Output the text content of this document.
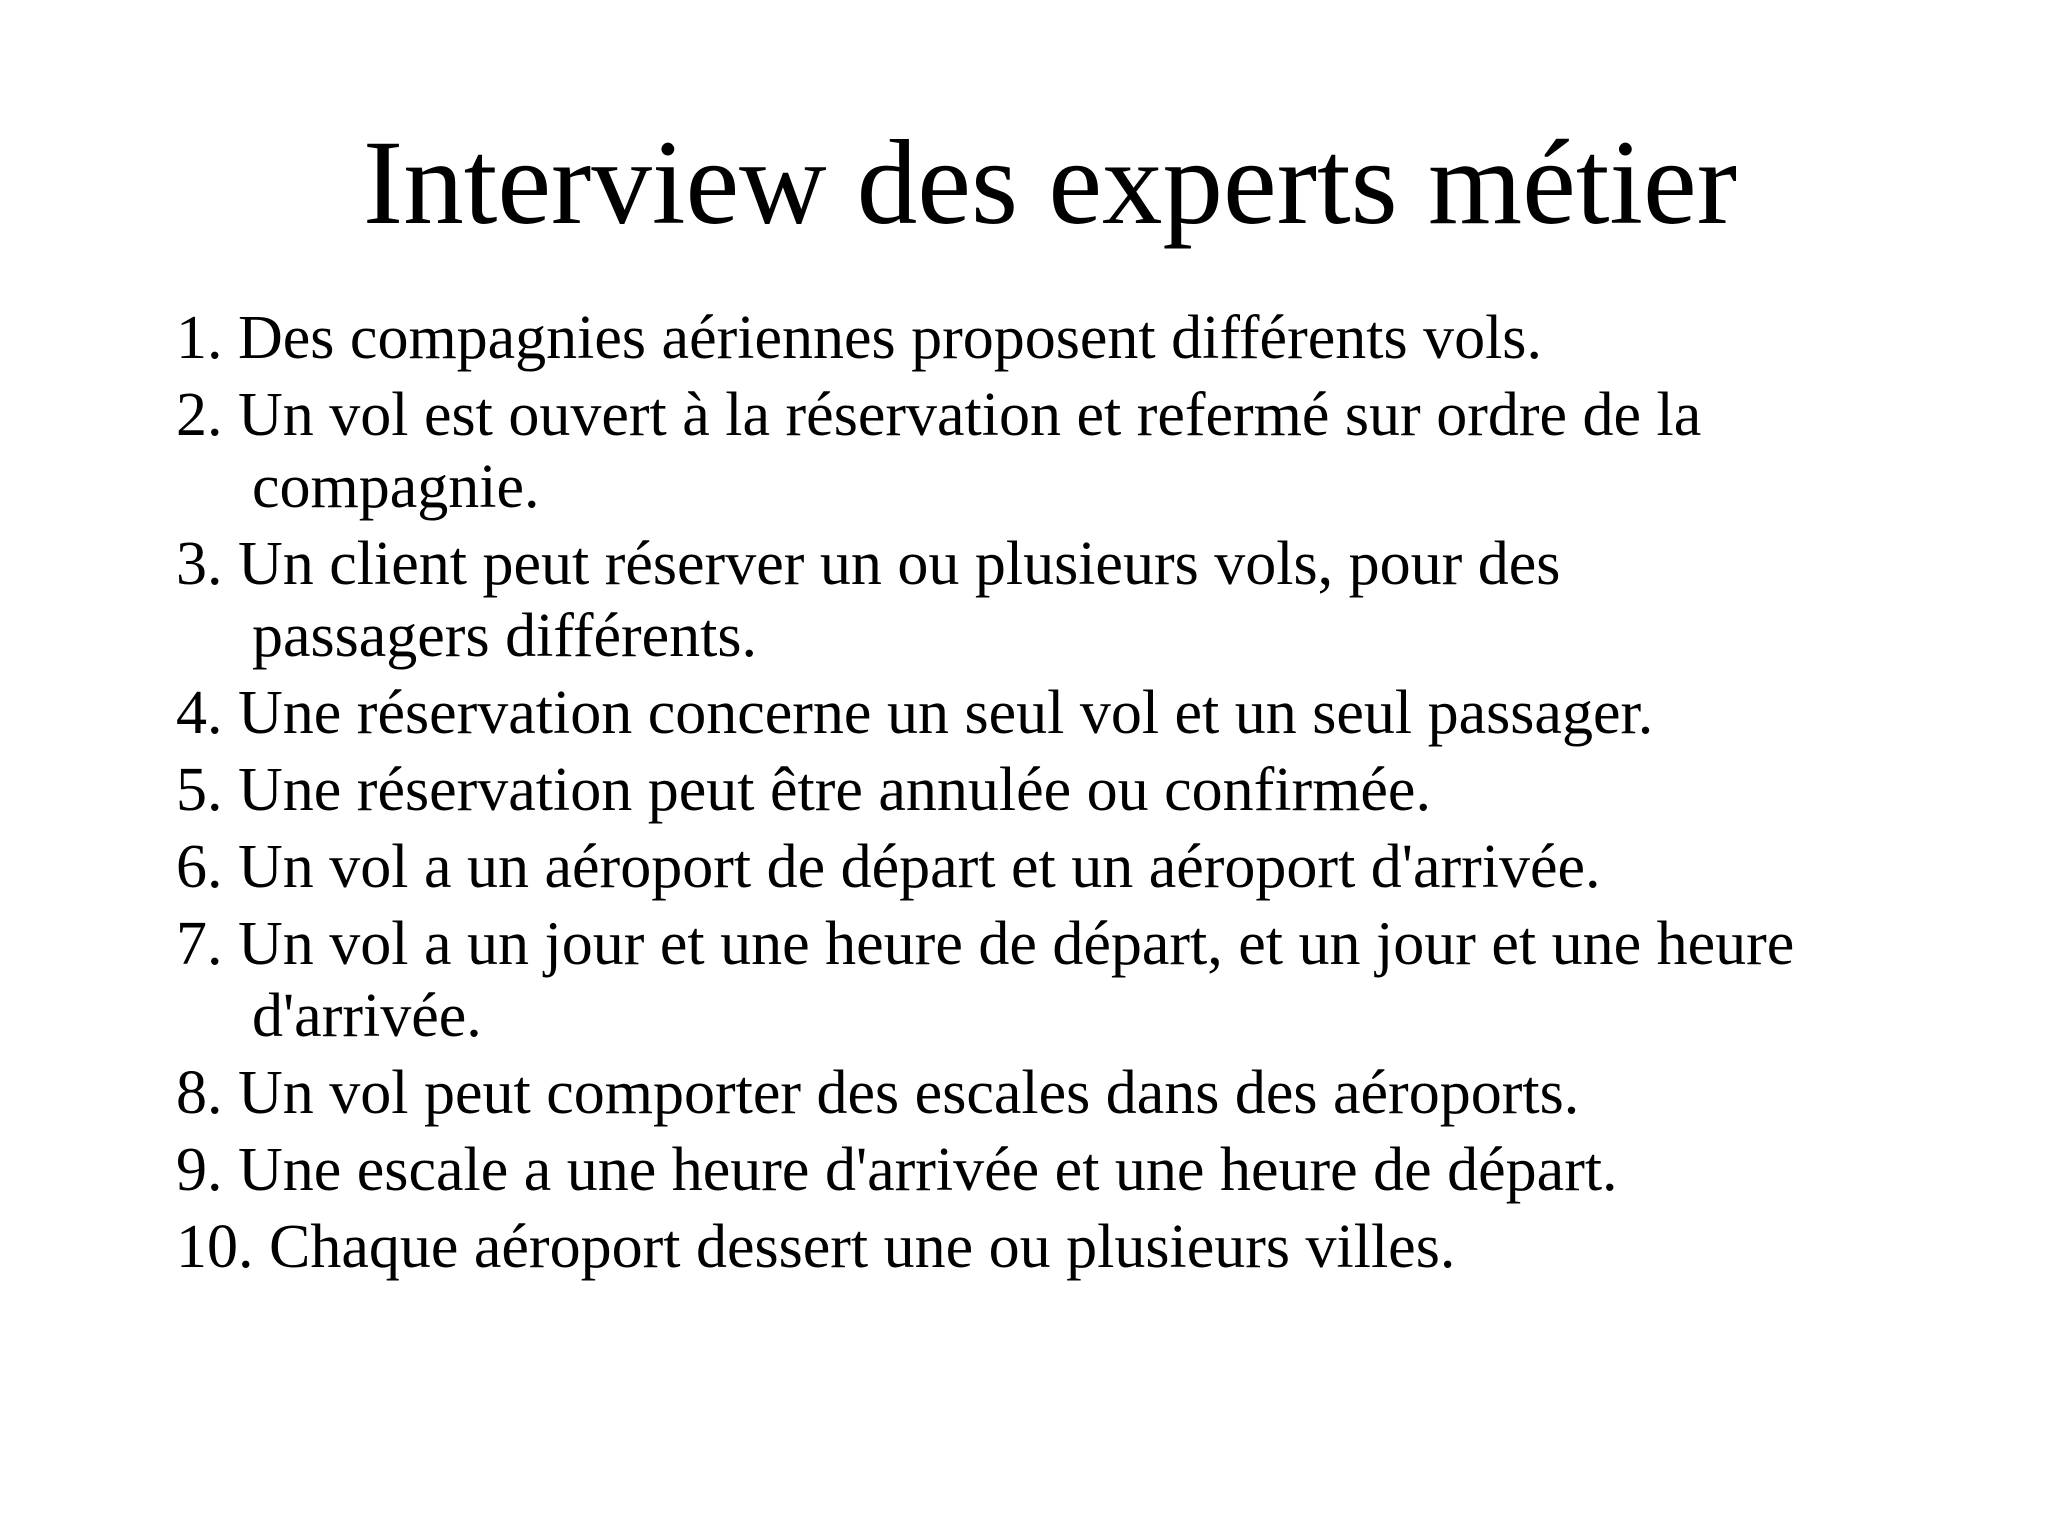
Interview des experts métier
1. Des compagnies aériennes proposent différents vols.
2. Un vol est ouvert à la réservation et refermé sur ordre de la compagnie.
3. Un client peut réserver un ou plusieurs vols, pour des passagers différents.
4. Une réservation concerne un seul vol et un seul passager.
5. Une réservation peut être annulée ou confirmée.
6. Un vol a un aéroport de départ et un aéroport d'arrivée.
7. Un vol a un jour et une heure de départ, et un jour et une heure d'arrivée.
8. Un vol peut comporter des escales dans des aéroports.
9. Une escale a une heure d'arrivée et une heure de départ.
10. Chaque aéroport dessert une ou plusieurs villes.
